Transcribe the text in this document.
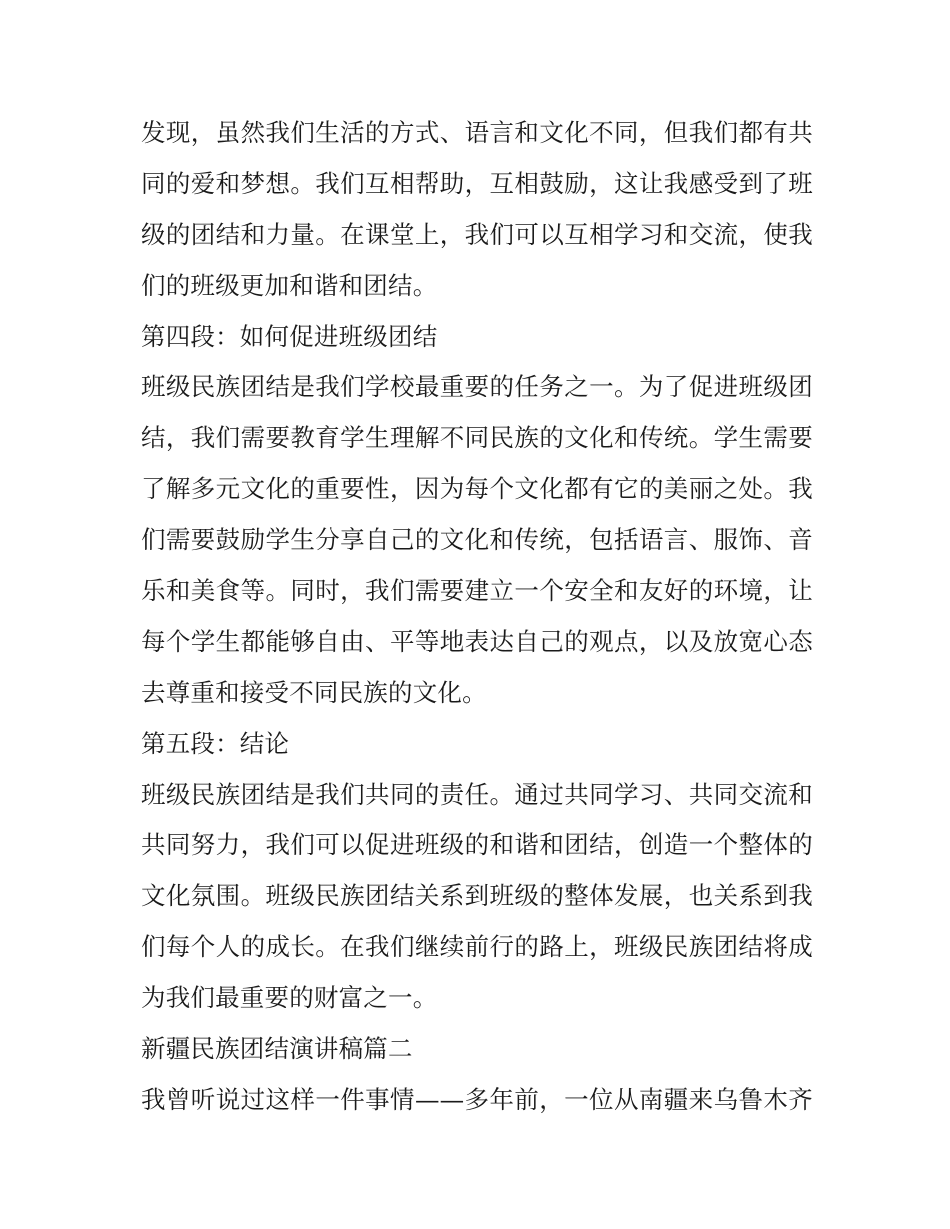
发现，虽然我们生活的方式、语言和文化不同，但我们都有共
同的爱和梦想。我们互相帮助，互相鼓励，这让我感受到了班
级的团结和力量。在课堂上，我们可以互相学习和交流，使我
们的班级更加和谐和团结。
第四段：如何促进班级团结
班级民族团结是我们学校最重要的任务之一。为了促进班级团
结，我们需要教育学生理解不同民族的文化和传统。学生需要
了解多元文化的重要性，因为每个文化都有它的美丽之处。我
们需要鼓励学生分享自己的文化和传统，包括语言、服饰、音
乐和美食等。同时，我们需要建立一个安全和友好的环境，让
每个学生都能够自由、平等地表达自己的观点，以及放宽心态
去尊重和接受不同民族的文化。
第五段：结论
班级民族团结是我们共同的责任。通过共同学习、共同交流和
共同努力，我们可以促进班级的和谐和团结，创造一个整体的
文化氛围。班级民族团结关系到班级的整体发展，也关系到我
们每个人的成长。在我们继续前行的路上，班级民族团结将成
为我们最重要的财富之一。
新疆民族团结演讲稿篇二
我曾听说过这样一件事情——多年前，一位从南疆来乌鲁木齐
